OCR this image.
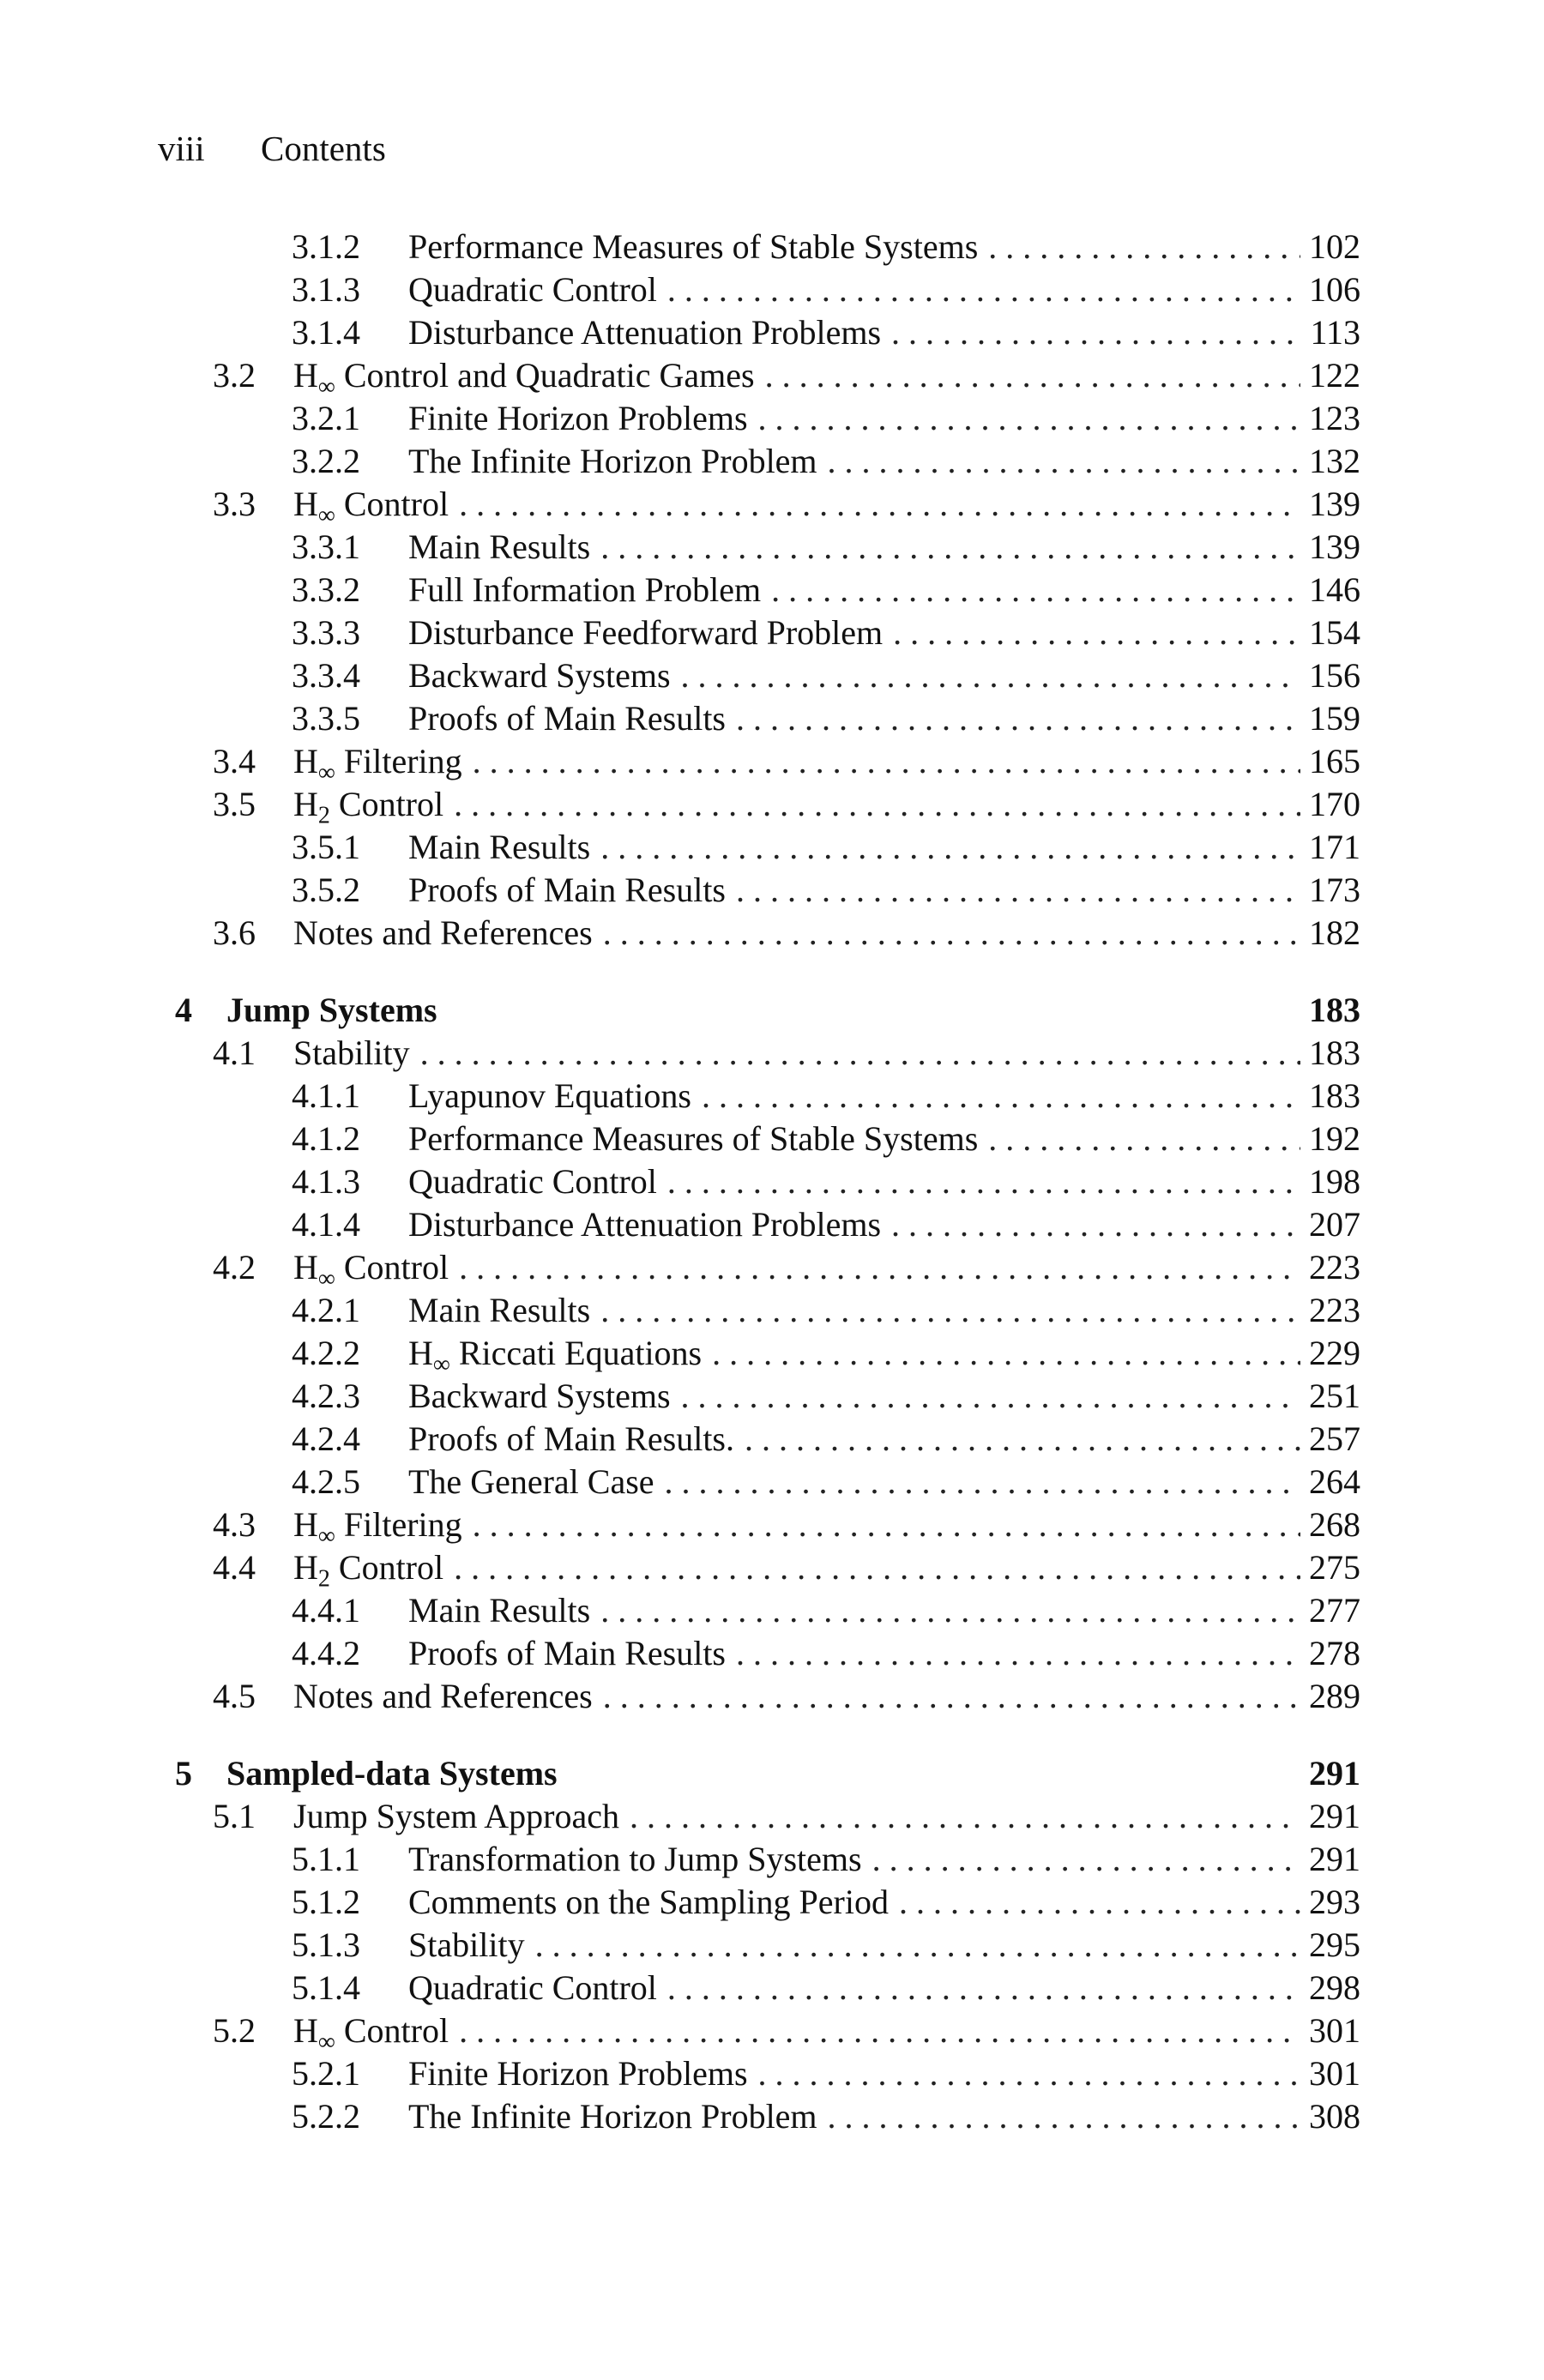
viii Contents
3.1.2	Performance Measures of Stable Systems . . .	102
3.1.3	Quadratic Control . . .	106
3.1.4	Disturbance Attenuation Problems . . .	113
3.2	$H_\infty$ Control and Quadratic Games . . .	122
3.2.1	Finite Horizon Problems . . .	123
3.2.2	The Infinite Horizon Problem . . .	132
3.3	$H_\infty$ Control . . .	139
3.3.1	Main Results . . .	139
3.3.2	Full Information Problem . . .	146
3.3.3	Disturbance Feedforward Problem . . .	154
3.3.4	Backward Systems . . .	156
3.3.5	Proofs of Main Results . . .	159
3.4	$H_\infty$ Filtering . . .	165
3.5	$H_2$ Control . . .	170
3.5.1	Main Results . . .	171
3.5.2	Proofs of Main Results . . .	173
3.6	Notes and References . . .	182
4	Jump Systems	183
4.1	Stability . . .	183
4.1.1	Lyapunov Equations . . .	183
4.1.2	Performance Measures of Stable Systems . . .	192
4.1.3	Quadratic Control . . .	198
4.1.4	Disturbance Attenuation Problems . . .	207
4.2	$H_\infty$ Control . . .	223
4.2.1	Main Results . . .	223
4.2.2	$H_\infty$ Riccati Equations . . .	229
4.2.3	Backward Systems . . .	251
4.2.4	Proofs of Main Results. . . .	257
4.2.5	The General Case . . .	264
4.3	$H_\infty$ Filtering . . .	268
4.4	$H_2$ Control . . .	275
4.4.1	Main Results . . .	277
4.4.2	Proofs of Main Results . . .	278
4.5	Notes and References . . .	289
5	Sampled-data Systems	291
5.1	Jump System Approach . . .	291
5.1.1	Transformation to Jump Systems . . .	291
5.1.2	Comments on the Sampling Period . . .	293
5.1.3	Stability . . .	295
5.1.4	Quadratic Control . . .	298
5.2	$H_\infty$ Control . . .	301
5.2.1	Finite Horizon Problems . . .	301
5.2.2	The Infinite Horizon Problem . . .	308
